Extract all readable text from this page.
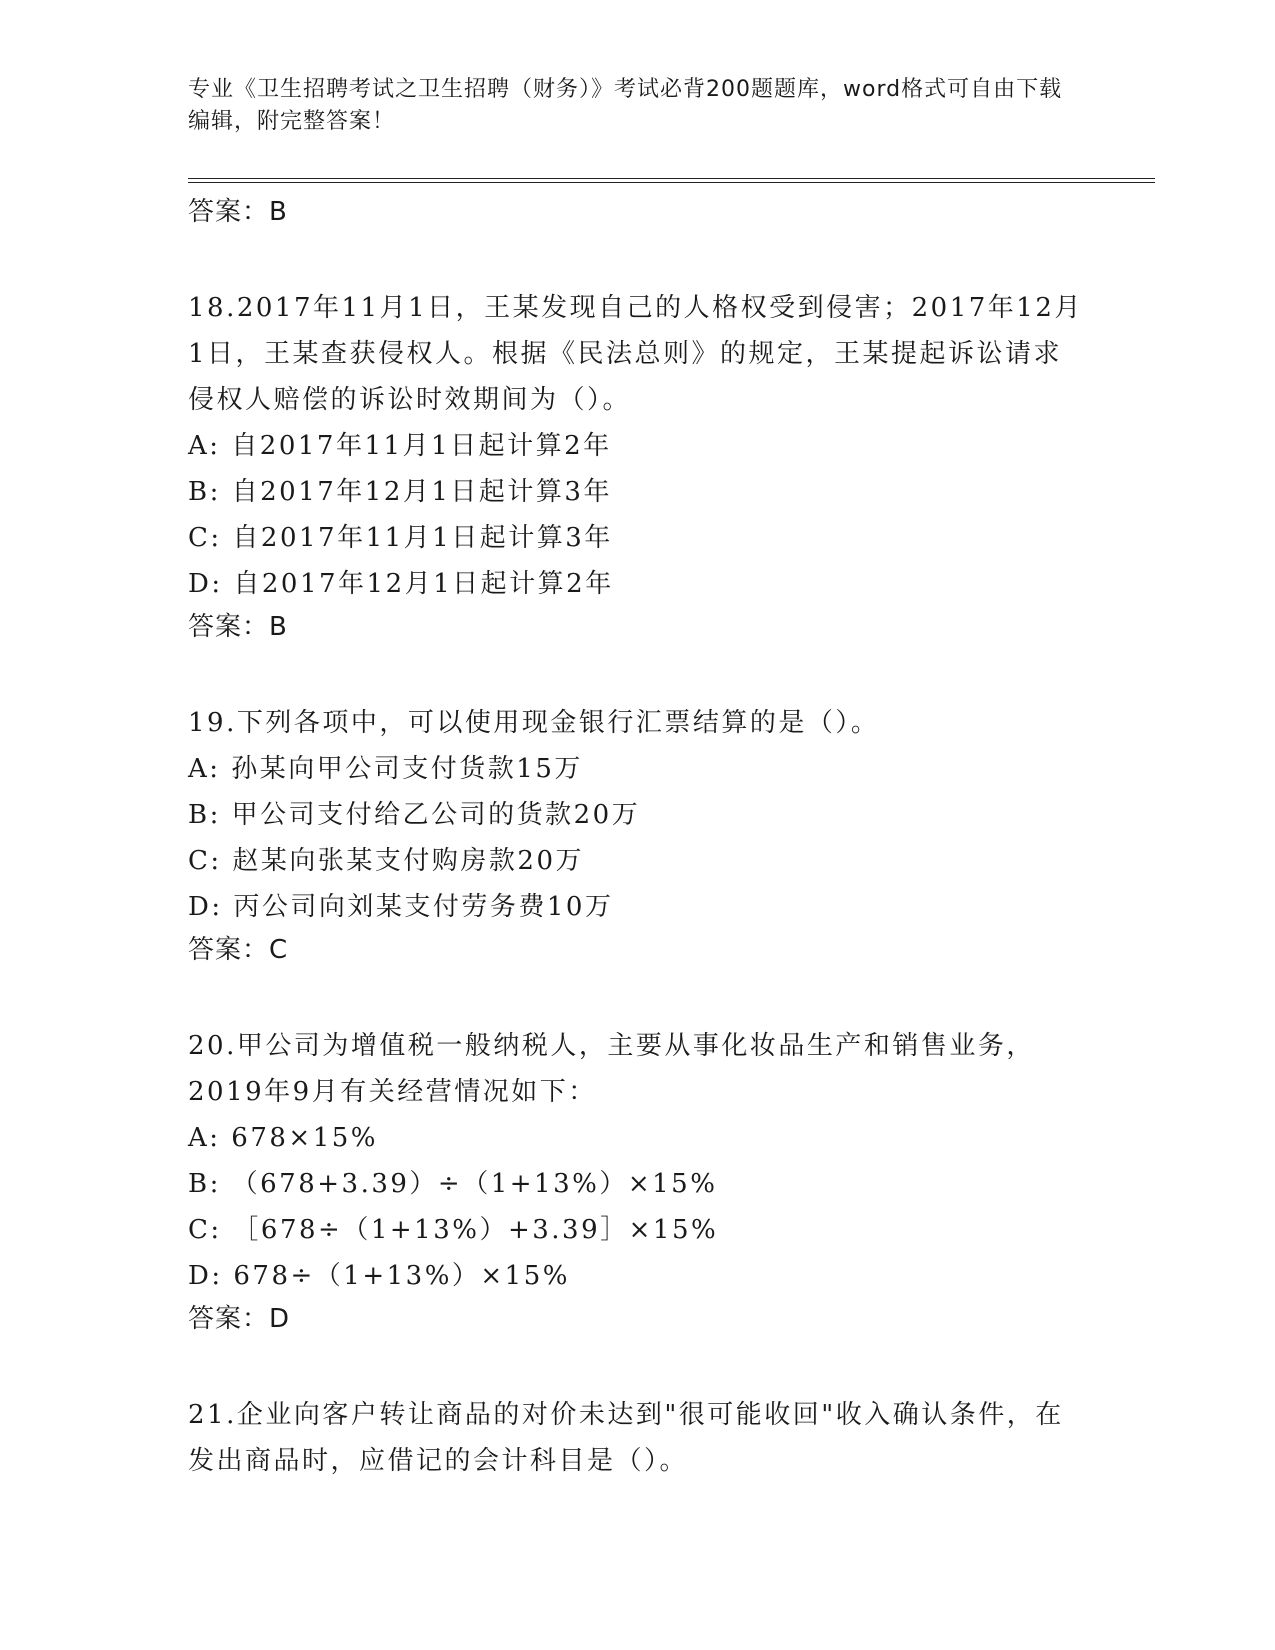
专业《卫生招聘考试之卫生招聘（财务）》考试必背200题题库，word格式可自由下载编辑，附完整答案！
答案：B
18.2017年11月1日，王某发现自己的人格权受到侵害；2017年12月1日，王某查获侵权人。根据《民法总则》的规定，王某提起诉讼请求侵权人赔偿的诉讼时效期间为（）。
A: 自2017年11月1日起计算2年
B: 自2017年12月1日起计算3年
C: 自2017年11月1日起计算3年
D: 自2017年12月1日起计算2年
答案：B
19.下列各项中，可以使用现金银行汇票结算的是（）。
A: 孙某向甲公司支付货款15万
B: 甲公司支付给乙公司的货款20万
C: 赵某向张某支付购房款20万
D: 丙公司向刘某支付劳务费10万
答案：C
20.甲公司为增值税一般纳税人，主要从事化妆品生产和销售业务，2019年9月有关经营情况如下：
A: 678×15%
B: （678+3.39）÷（1+13%）×15%
C: ［678÷（1+13%）+3.39］×15%
D: 678÷（1+13%）×15%
答案：D
21.企业向客户转让商品的对价未达到"很可能收回"收入确认条件，在发出商品时，应借记的会计科目是（）。
